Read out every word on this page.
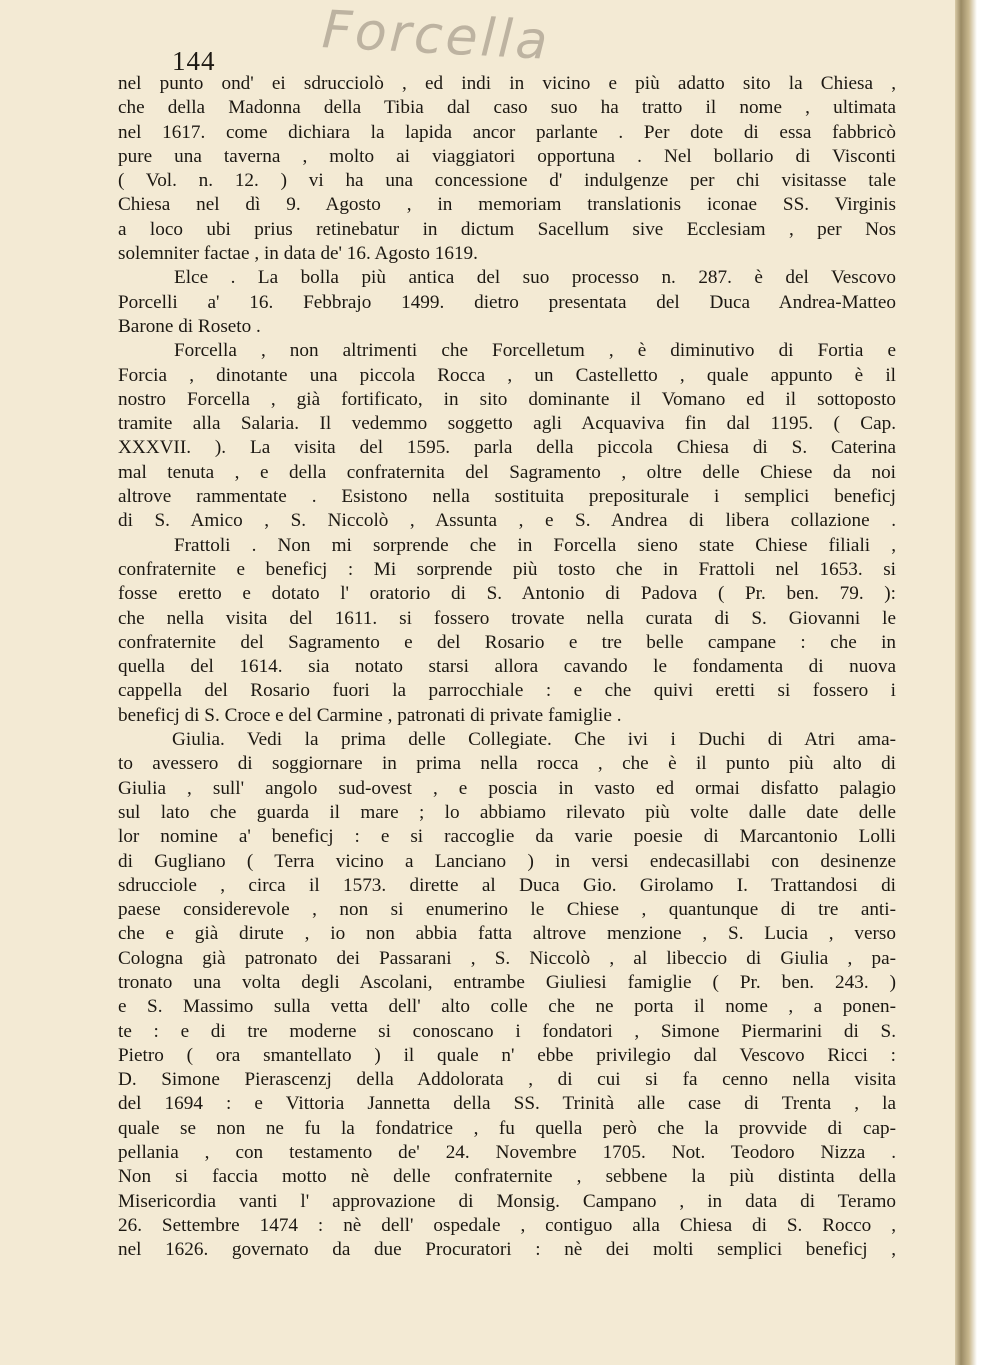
Forcella
144
nel punto ond' ei sdrucciolò , ed indi in vicino e più adatto sito la Chiesa ,
che della Madonna della Tibia dal caso suo ha tratto il nome , ultimata
nel 1617. come dichiara la lapida ancor parlante . Per dote di essa fabbricò
pure una taverna , molto ai viaggiatori opportuna . Nel bollario di Visconti
( Vol. n. 12. ) vi ha una concessione d' indulgenze per chi visitasse tale
Chiesa nel dì 9. Agosto , in memoriam translationis iconae SS. Virginis
a loco ubi prius retinebatur in dictum Sacellum sive Ecclesiam , per Nos
solemniter factae , in data de' 16. Agosto 1619.
Elce . La bolla più antica del suo processo n. 287. è del Vescovo
Porcelli a' 16. Febbrajo 1499. dietro presentata del Duca Andrea-Matteo
Barone di Roseto .
Forcella , non altrimenti che Forcelletum , è diminutivo di Fortia e
Forcia , dinotante una piccola Rocca , un Castelletto , quale appunto è il
nostro Forcella , già fortificato, in sito dominante il Vomano ed il sottoposto
tramite alla Salaria. Il vedemmo soggetto agli Acquaviva fin dal 1195. ( Cap.
XXXVII. ). La visita del 1595. parla della piccola Chiesa di S. Caterina
mal tenuta , e della confraternita del Sagramento , oltre delle Chiese da noi
altrove rammentate . Esistono nella sostituita prepositurale i semplici beneficj
di S. Amico , S. Niccolò , Assunta , e S. Andrea di libera collazione .
Frattoli . Non mi sorprende che in Forcella sieno state Chiese filiali ,
confraternite e beneficj : Mi sorprende più tosto che in Frattoli nel 1653. si
fosse eretto e dotato l' oratorio di S. Antonio di Padova ( Pr. ben. 79. ):
che nella visita del 1611. si fossero trovate nella curata di S. Giovanni le
confraternite del Sagramento e del Rosario e tre belle campane : che in
quella del 1614. sia notato starsi allora cavando le fondamenta di nuova
cappella del Rosario fuori la parrocchiale : e che quivi eretti si fossero i
beneficj di S. Croce e del Carmine , patronati di private famiglie .
Giulia. Vedi la prima delle Collegiate. Che ivi i Duchi di Atri ama-
to avessero di soggiornare in prima nella rocca , che è il punto più alto di
Giulia , sull' angolo sud-ovest , e poscia in vasto ed ormai disfatto palagio
sul lato che guarda il mare ; lo abbiamo rilevato più volte dalle date delle
lor nomine a' beneficj : e si raccoglie da varie poesie di Marcantonio Lolli
di Gugliano ( Terra vicino a Lanciano ) in versi endecasillabi con desinenze
sdrucciole , circa il 1573. dirette al Duca Gio. Girolamo I. Trattandosi di
paese considerevole , non si enumerino le Chiese , quantunque di tre anti-
che e già dirute , io non abbia fatta altrove menzione , S. Lucia , verso
Cologna già patronato dei Passarani , S. Niccolò , al libeccio di Giulia , pa-
tronato una volta degli Ascolani, entrambe Giuliesi famiglie ( Pr. ben. 243. )
e S. Massimo sulla vetta dell' alto colle che ne porta il nome , a ponen-
te : e di tre moderne si conoscano i fondatori , Simone Piermarini di S.
Pietro ( ora smantellato ) il quale n' ebbe privilegio dal Vescovo Ricci :
D. Simone Pierascenzj della Addolorata , di cui si fa cenno nella visita
del 1694 : e Vittoria Jannetta della SS. Trinità alle case di Trenta , la
quale se non ne fu la fondatrice , fu quella però che la provvide di cap-
pellania , con testamento de' 24. Novembre 1705. Not. Teodoro Nizza .
Non si faccia motto nè delle confraternite , sebbene la più distinta della
Misericordia vanti l' approvazione di Monsig. Campano , in data di Teramo
26. Settembre 1474 : nè dell' ospedale , contiguo alla Chiesa di S. Rocco ,
nel 1626. governato da due Procuratori : nè dei molti semplici beneficj ,
